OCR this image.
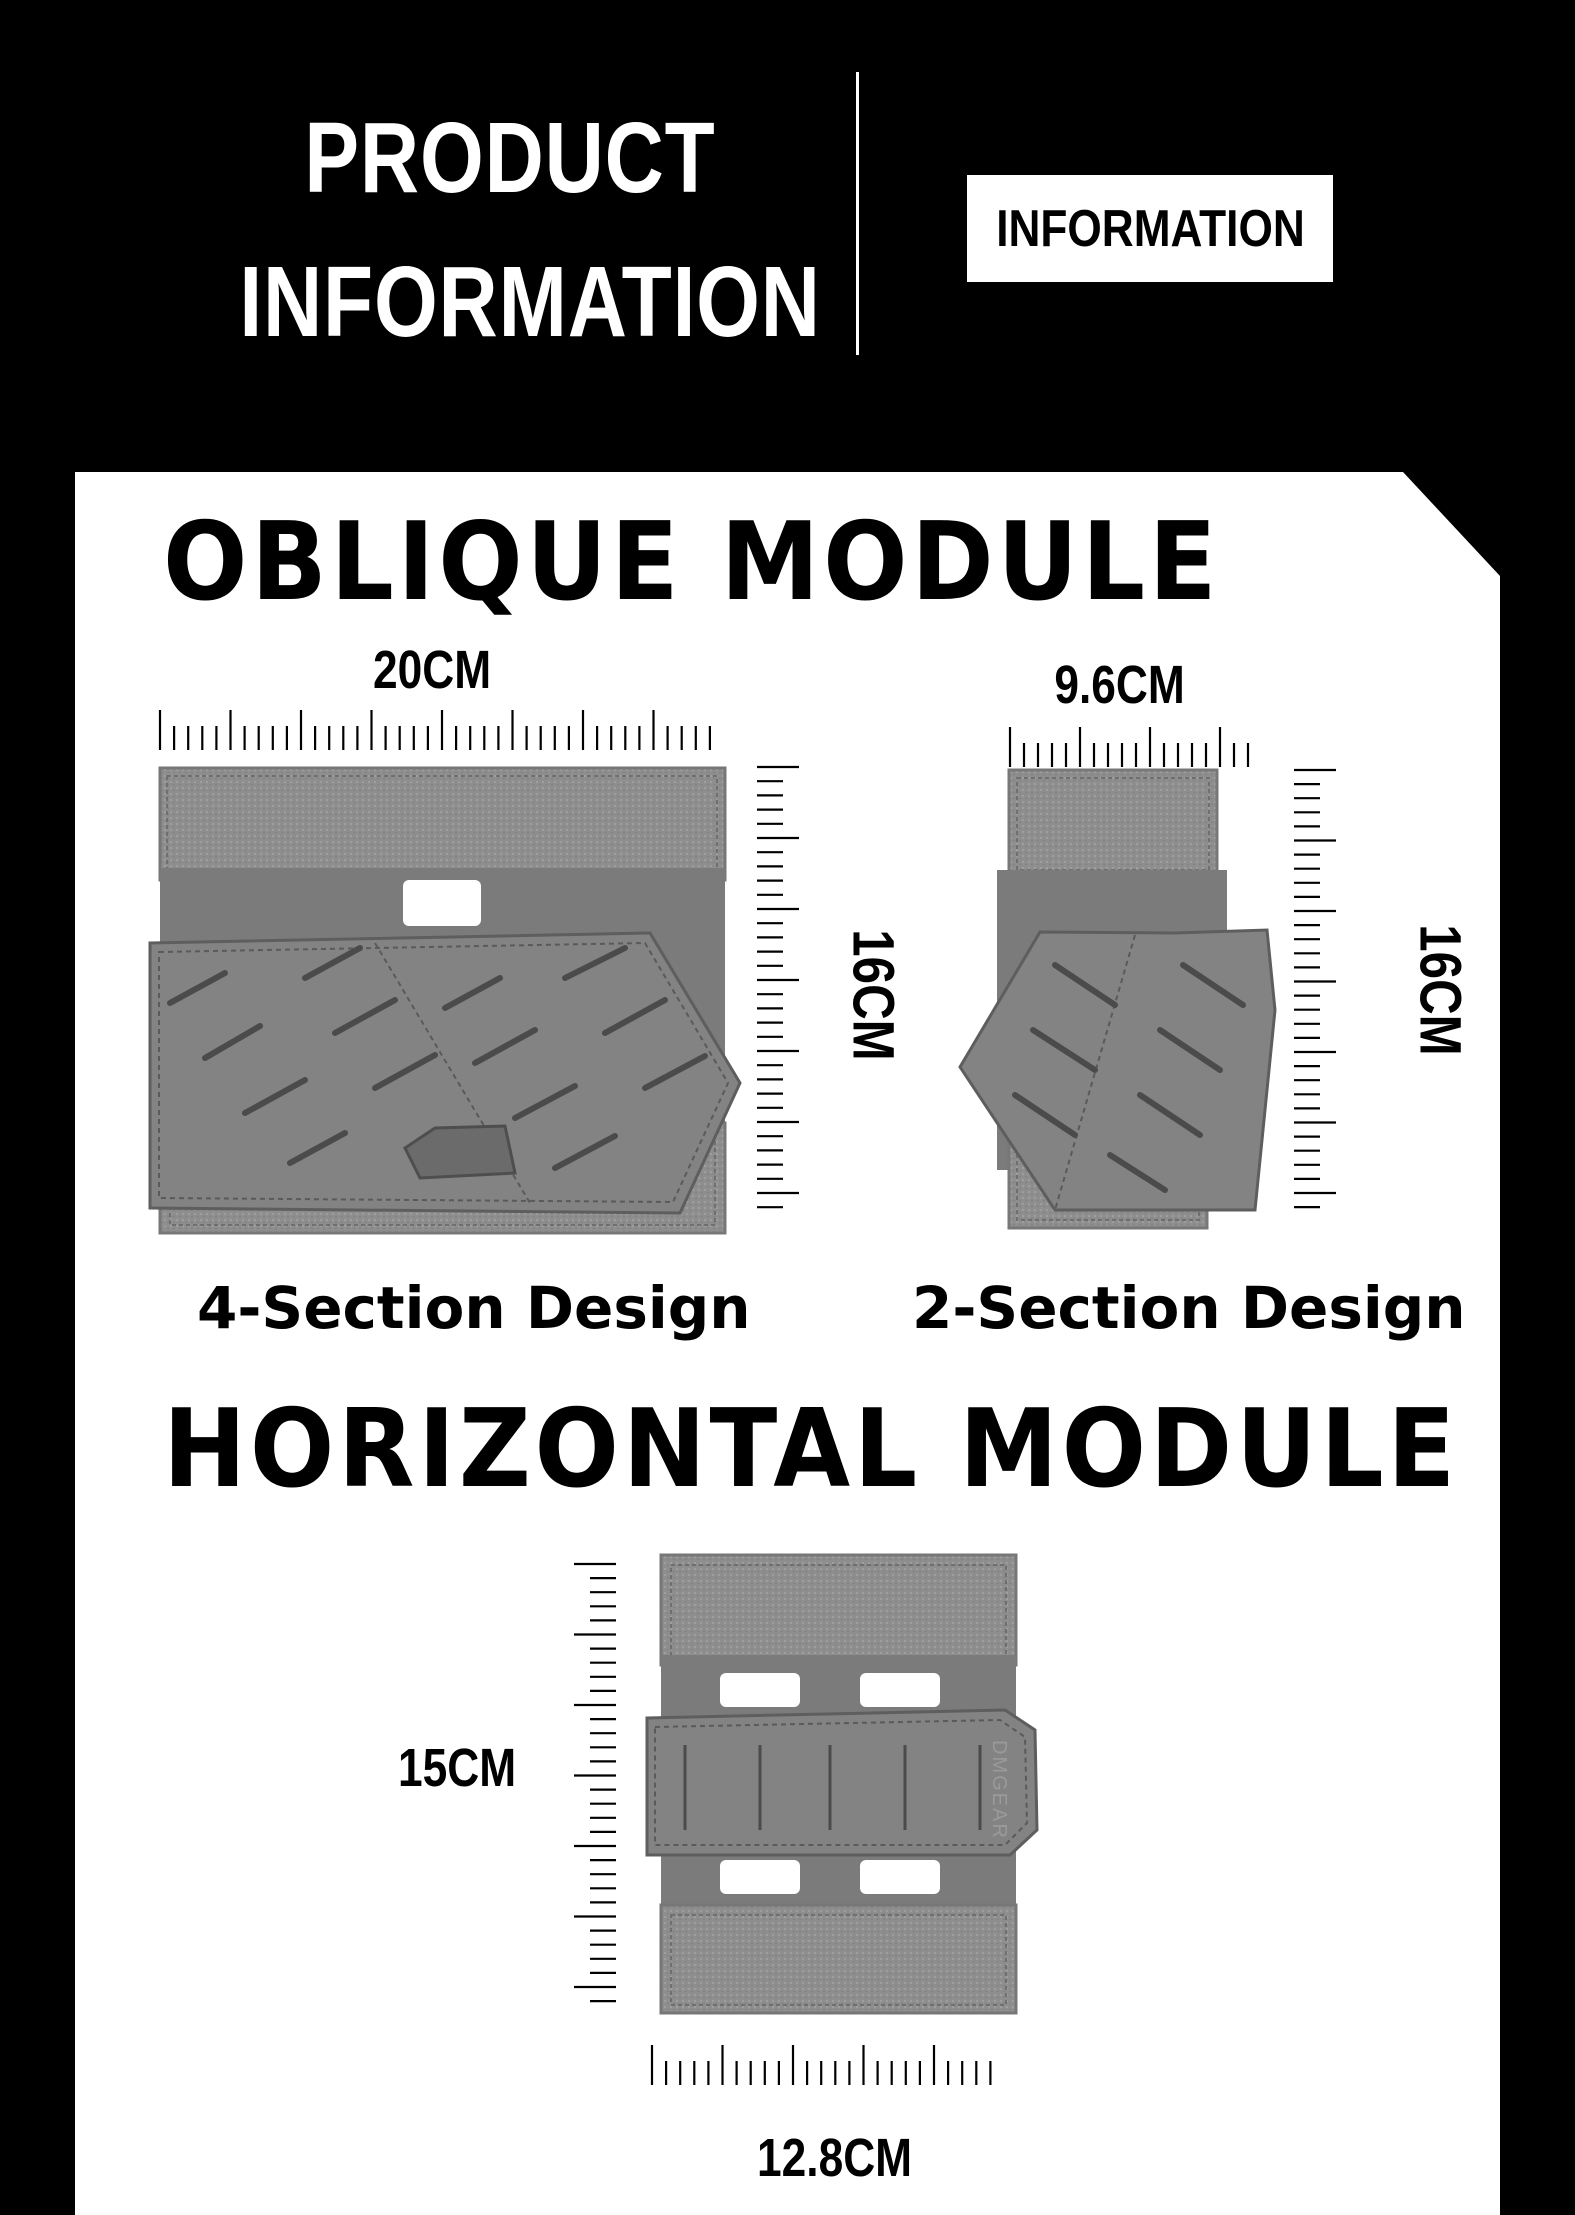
PRODUCT
INFORMATION
INFORMATION
OBLIQUE MODULE
20CM
16CM
4-Section Design
9.6CM
16CM
2-Section Design
HORIZONTAL MODULE
15CM	DMGEAR
12.8CM
